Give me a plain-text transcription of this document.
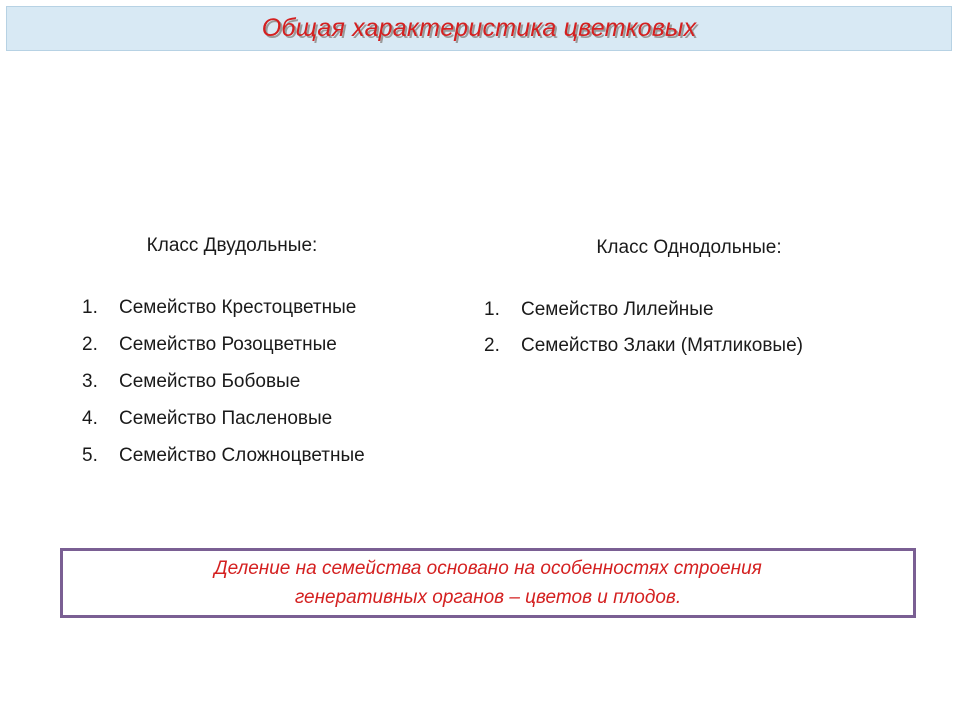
Общая характеристика цветковых
Класс Двудольные:
1.	Семейство Крестоцветные
2.	Семейство Розоцветные
3.	Семейство Бобовые
4.	Семейство Пасленовые
5.	Семейство Сложноцветные
Класс Однодольные:
1.	Семейство Лилейные
2.	Семейство Злаки (Мятликовые)
Деление на семейства основано на особенностях строения
генеративных органов – цветов и плодов.
